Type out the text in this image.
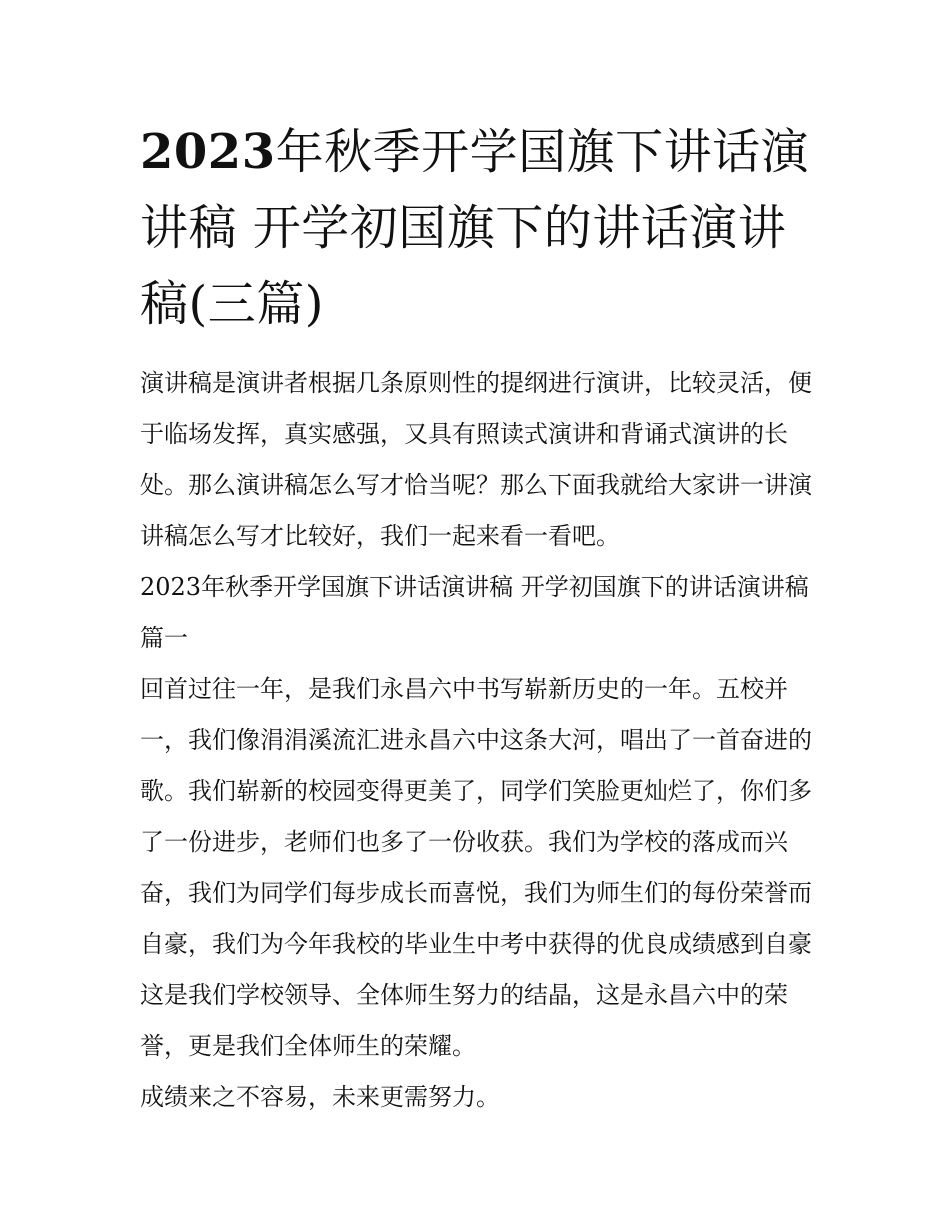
2023年秋季开学国旗下讲话演讲稿 开学初国旗下的讲话演讲稿(三篇)

演讲稿是演讲者根据几条原则性的提纲进行演讲，比较灵活，便于临场发挥，真实感强，又具有照读式演讲和背诵式演讲的长处。那么演讲稿怎么写才恰当呢？那么下面我就给大家讲一讲演讲稿怎么写才比较好，我们一起来看一看吧。

2023年秋季开学国旗下讲话演讲稿 开学初国旗下的讲话演讲稿篇一

回首过往一年，是我们永昌六中书写崭新历史的一年。五校并一，我们像涓涓溪流汇进永昌六中这条大河，唱出了一首奋进的歌。我们崭新的校园变得更美了，同学们笑脸更灿烂了，你们多了一份进步，老师们也多了一份收获。我们为学校的落成而兴奋，我们为同学们每步成长而喜悦，我们为师生们的每份荣誉而自豪，我们为今年我校的毕业生中考中获得的优良成绩感到自豪这是我们学校领导、全体师生努力的结晶，这是永昌六中的荣誉，更是我们全体师生的荣耀。

成绩来之不容易，未来更需努力。
